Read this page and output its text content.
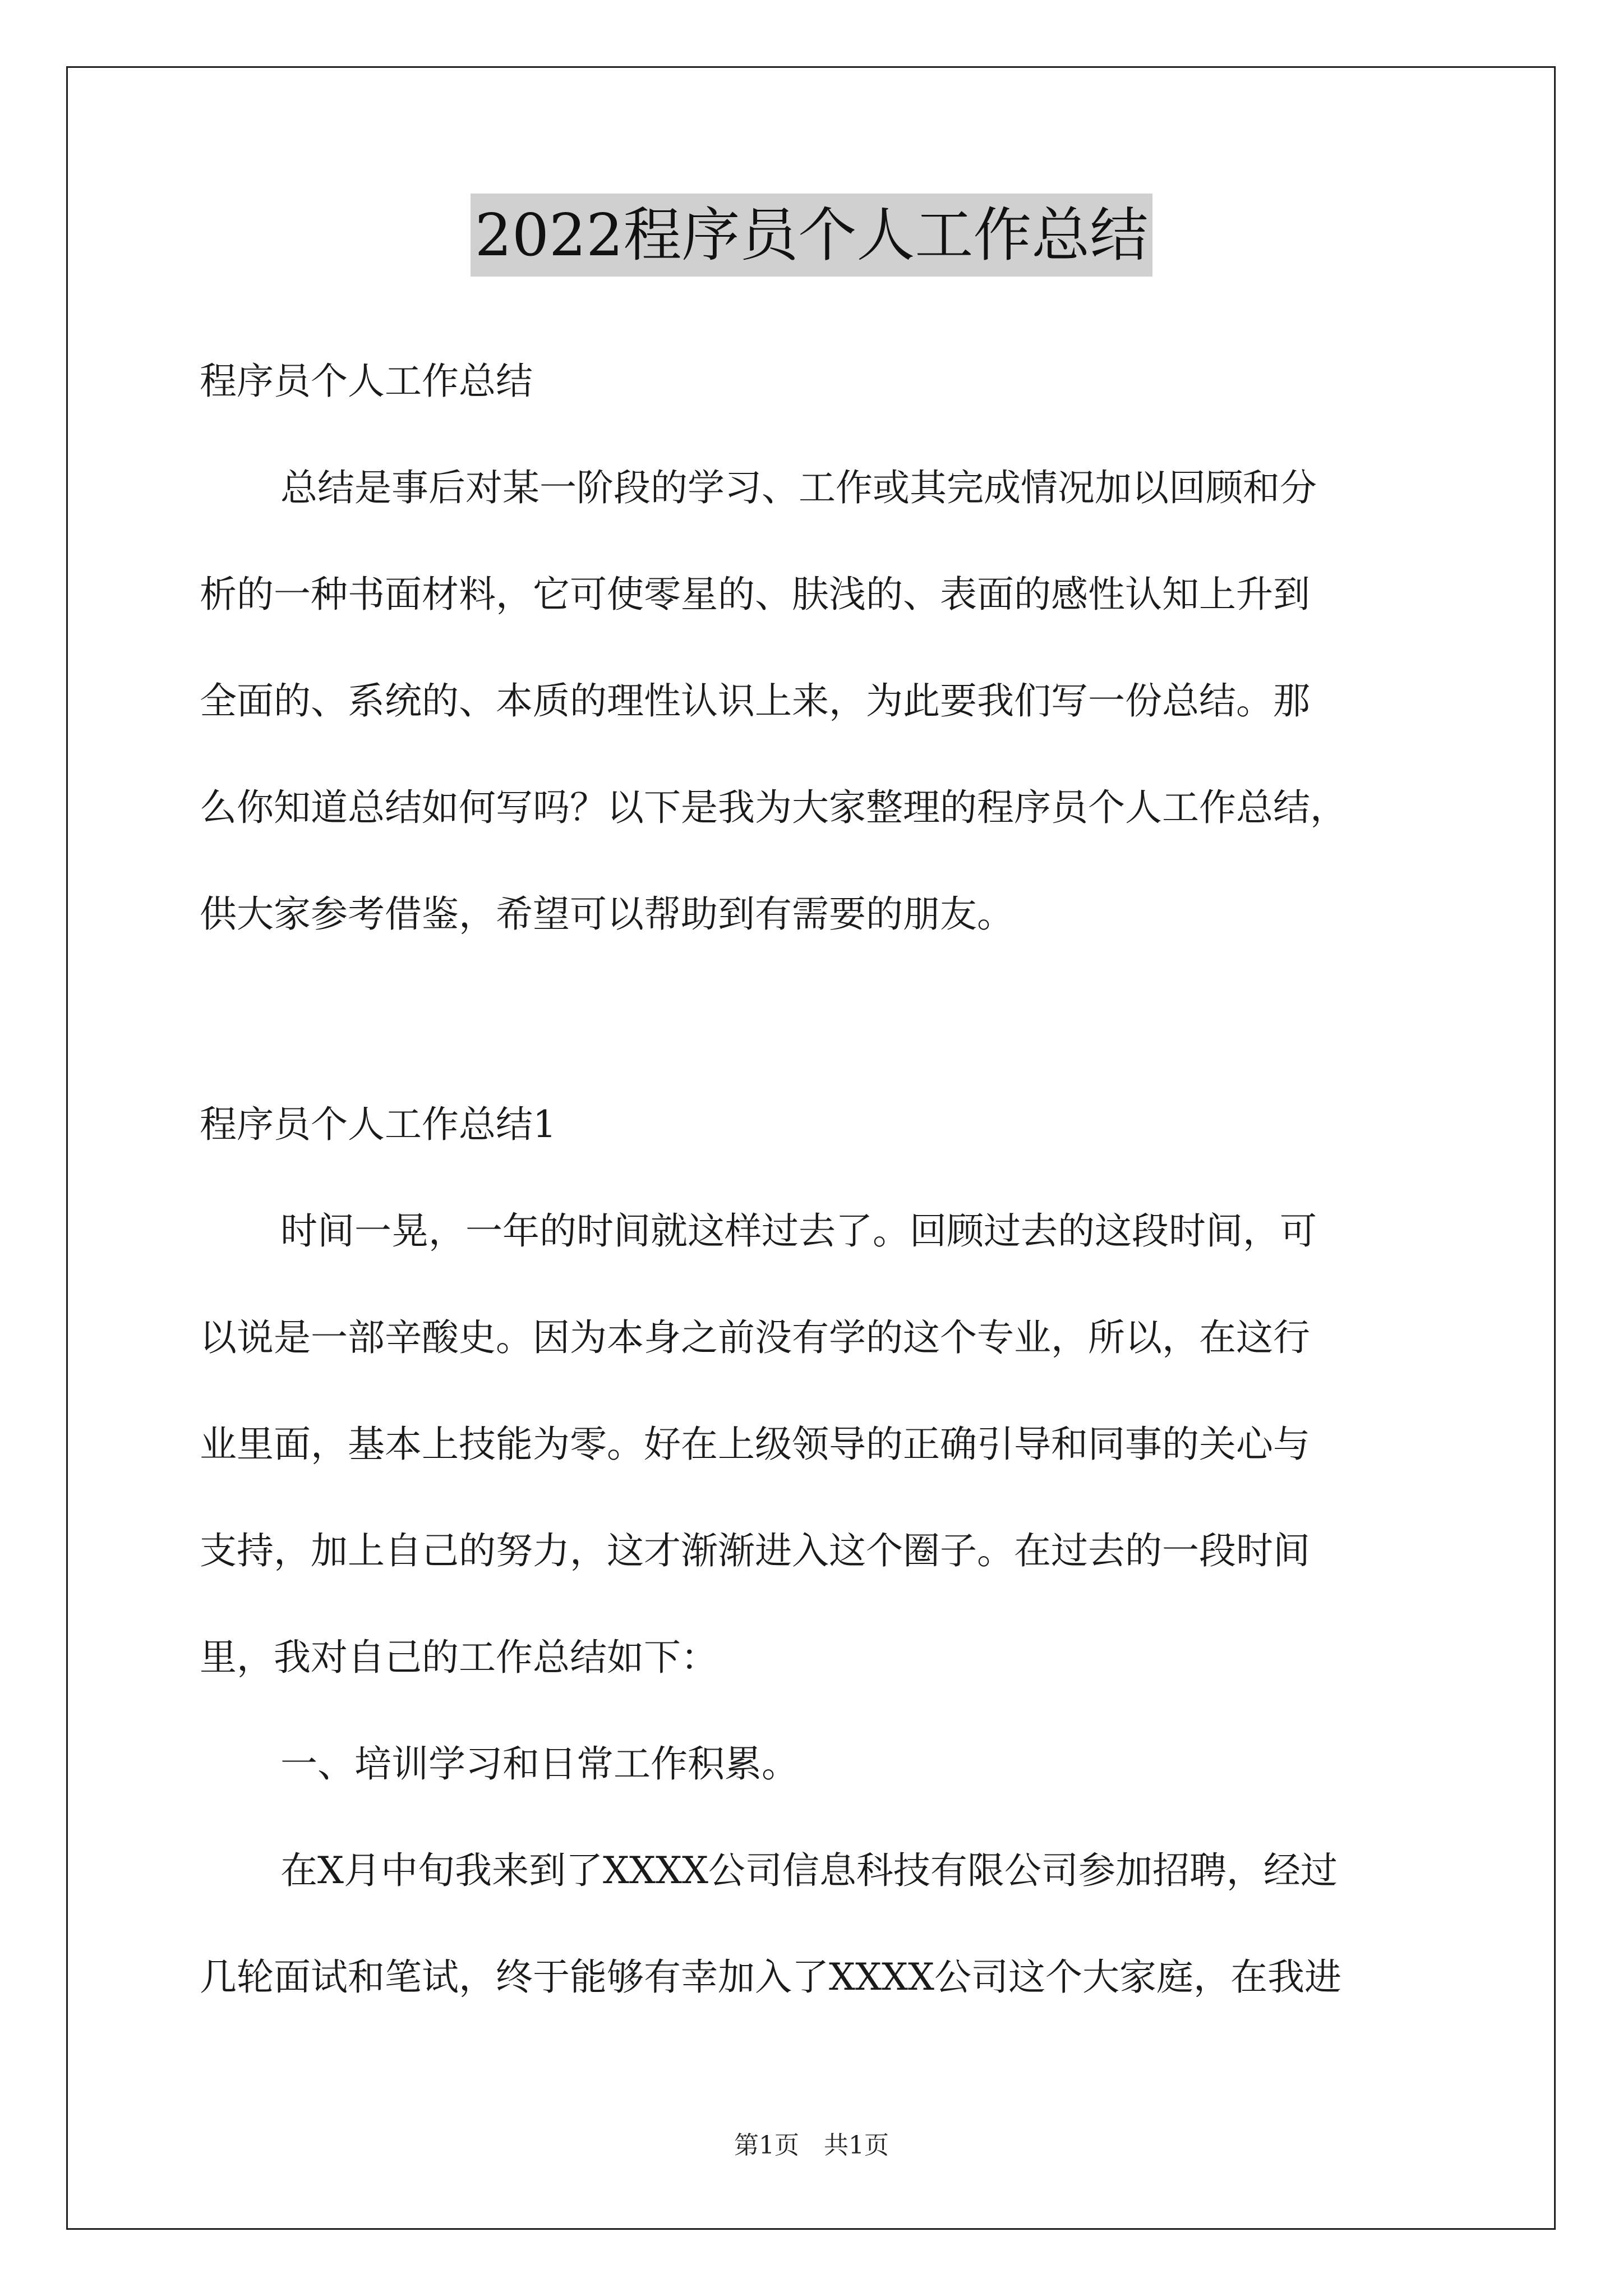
2022程序员个人工作总结
程序员个人工作总结
总结是事后对某一阶段的学习、工作或其完成情况加以回顾和分
析的一种书面材料，它可使零星的、肤浅的、表面的感性认知上升到
全面的、系统的、本质的理性认识上来，为此要我们写一份总结。那
么你知道总结如何写吗？以下是我为大家整理的程序员个人工作总结，
供大家参考借鉴，希望可以帮助到有需要的朋友。
程序员个人工作总结1
时间一晃，一年的时间就这样过去了。回顾过去的这段时间，可
以说是一部辛酸史。因为本身之前没有学的这个专业，所以，在这行
业里面，基本上技能为零。好在上级领导的正确引导和同事的关心与
支持，加上自己的努力，这才渐渐进入这个圈子。在过去的一段时间
里，我对自己的工作总结如下：
一、培训学习和日常工作积累。
在X月中旬我来到了XXXX公司信息科技有限公司参加招聘，经过
几轮面试和笔试，终于能够有幸加入了XXXX公司这个大家庭，在我进
第1页 共1页
